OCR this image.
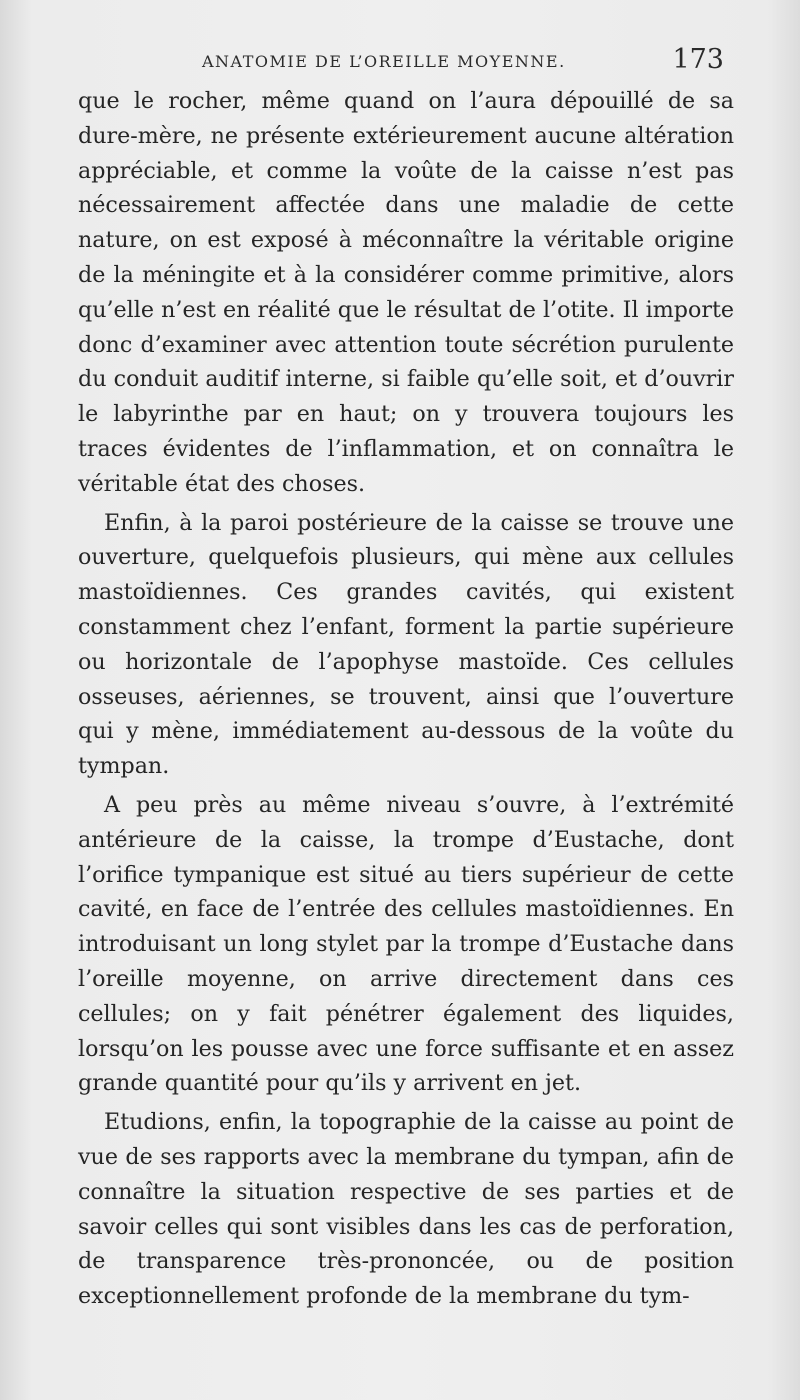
ANATOMIE DE L’OREILLE MOYENNE.	173

que le rocher, même quand on l’aura dépouillé de sa dure-mère, ne présente extérieurement aucune altération appréciable, et comme la voûte de la caisse n’est pas nécessairement affectée dans une maladie de cette nature, on est exposé à méconnaître la véritable origine de la méningite et à la considérer comme primitive, alors qu’elle n’est en réalité que le résultat de l’otite. Il importe donc d’examiner avec attention toute sécrétion purulente du conduit auditif interne, si faible qu’elle soit, et d’ouvrir le labyrinthe par en haut; on y trouvera toujours les traces évidentes de l’inflammation, et on connaîtra le véritable état des choses.

Enfin, à la paroi postérieure de la caisse se trouve une ouverture, quelquefois plusieurs, qui mène aux cellules mastoïdiennes. Ces grandes cavités, qui existent constamment chez l’enfant, forment la partie supérieure ou horizontale de l’apophyse mastoïde. Ces cellules osseuses, aériennes, se trouvent, ainsi que l’ouverture qui y mène, immédiatement au-dessous de la voûte du tympan.

A peu près au même niveau s’ouvre, à l’extrémité antérieure de la caisse, la trompe d’Eustache, dont l’orifice tympanique est situé au tiers supérieur de cette cavité, en face de l’entrée des cellules mastoïdiennes. En introduisant un long stylet par la trompe d’Eustache dans l’oreille moyenne, on arrive directement dans ces cellules; on y fait pénétrer également des liquides, lorsqu’on les pousse avec une force suffisante et en assez grande quantité pour qu’ils y arrivent en jet.

Etudions, enfin, la topographie de la caisse au point de vue de ses rapports avec la membrane du tympan, afin de connaître la situation respective de ses parties et de savoir celles qui sont visibles dans les cas de perforation, de transparence très-prononcée, ou de position exceptionnellement profonde de la membrane du tym-
